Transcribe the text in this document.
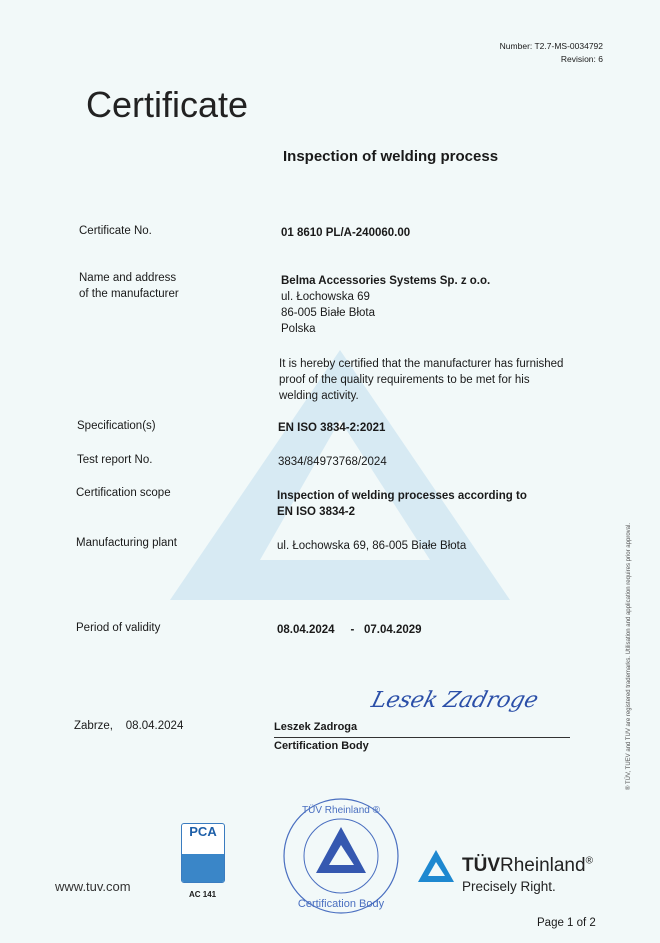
Number: T2.7-MS-0034792
Revision: 6
Certificate
Inspection of welding process
Certificate No.	01 8610 PL/A-240060.00
Name and address
of the manufacturer
Belma Accessories Systems Sp. z o.o.
ul. Łochowska 69
86-005 Białe Błota
Polska
It is hereby certified that the manufacturer has furnished
proof of the quality requirements to be met for his
welding activity.
Specification(s)	EN ISO 3834-2:2021
Test report No.	3834/84973768/2024
Certification scope	Inspection of welding processes according to
EN ISO 3834-2
Manufacturing plant	ul. Łochowska 69, 86-005 Białe Błota
Period of validity	08.04.2024 - 07.04.2029
Zabrze, 08.04.2024
Lesek Zadroge
Leszek Zadroga
Certification Body	® TÜV, TUEV and TUV are registered trademarks. Utilisation and application requires prior approval.
www.tuv.com
PCA
AC 141
TÜV Rheinland ®
Certification Body
TÜVRheinland®
Precisely Right.
Page 1 of 2
